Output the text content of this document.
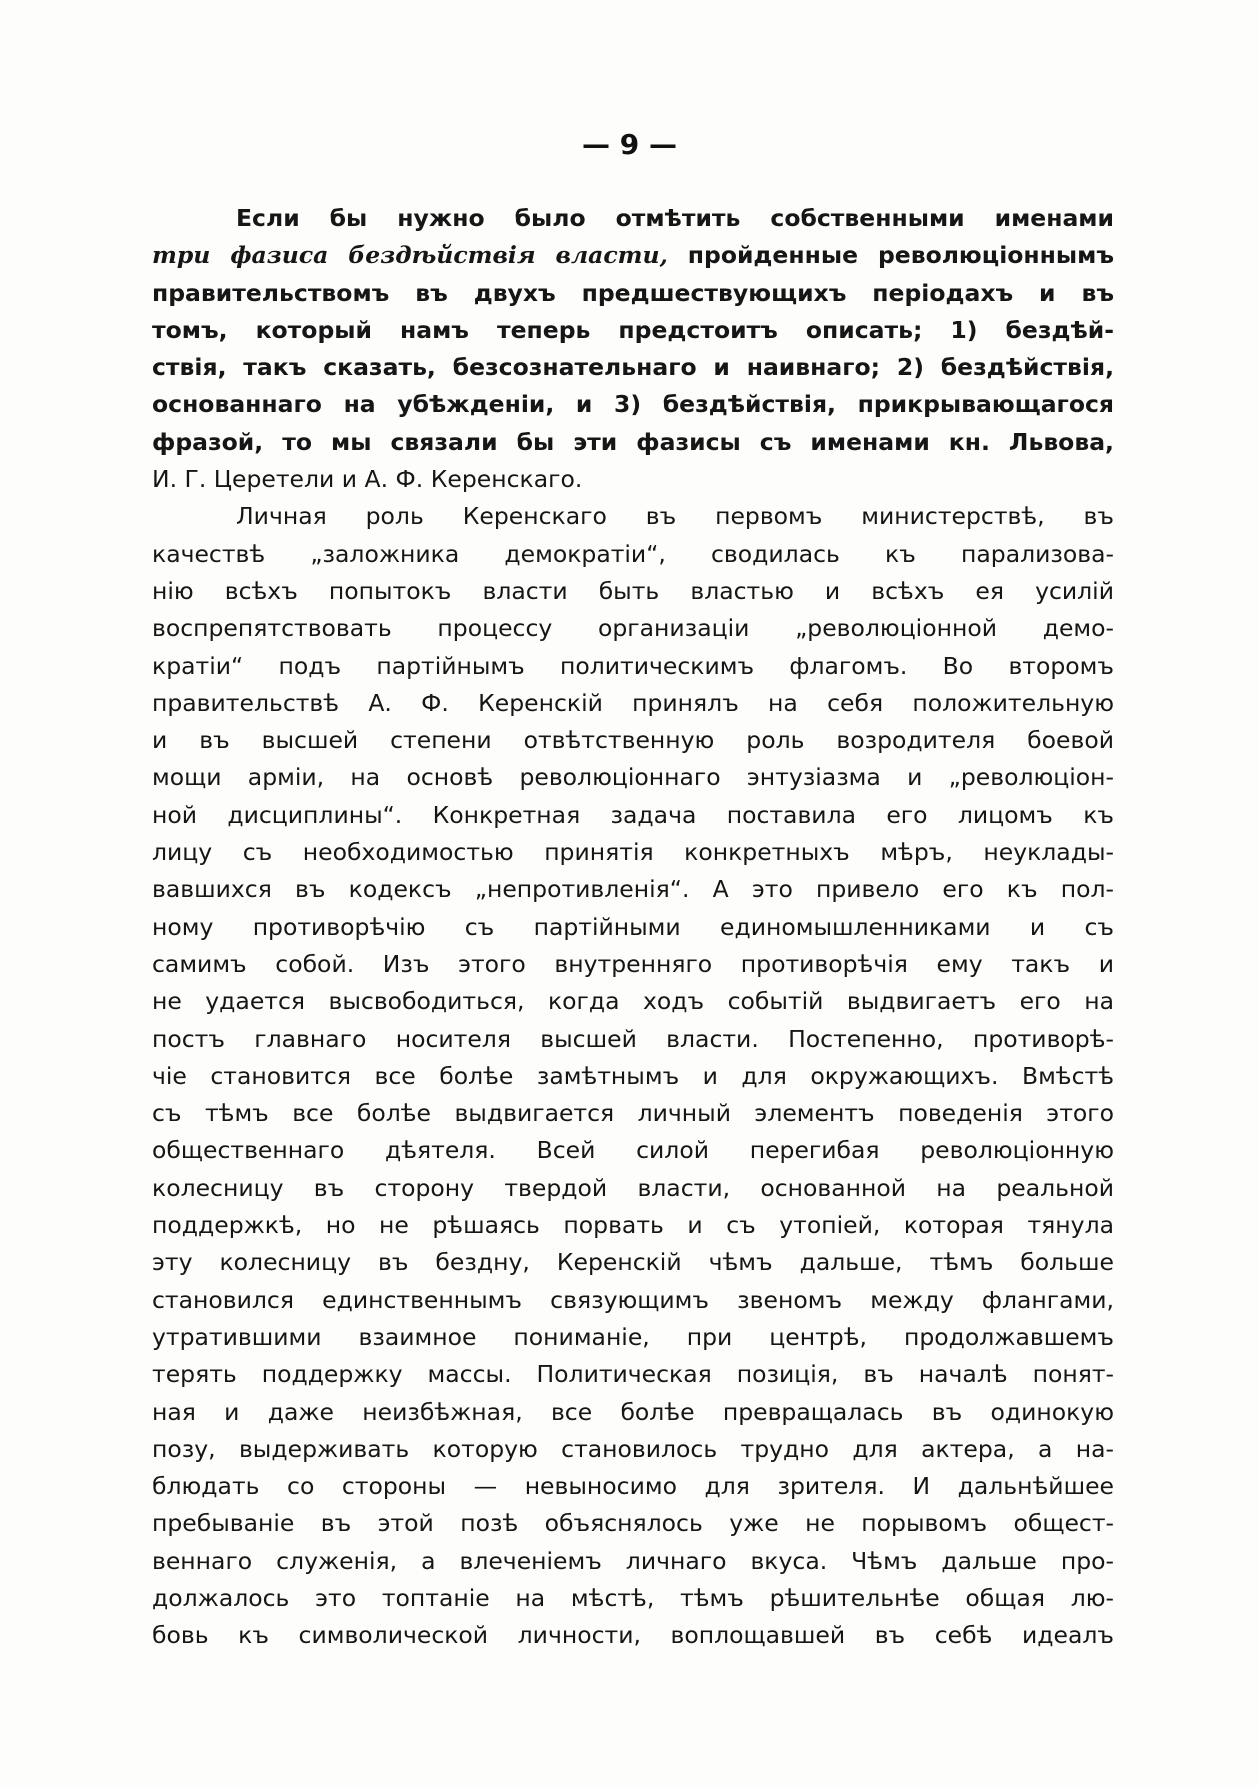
— 9 —
Если бы нужно было отмѣтить собственными именами
три фазиса бездѣйствія власти, пройденные революціоннымъ
правительствомъ въ двухъ предшествующихъ періодахъ и въ
томъ, который намъ теперь предстоитъ описать; 1) бездѣй-
ствія, такъ сказать, безсознательнаго и наивнаго; 2) бездѣйствія,
основаннаго на убѣжденіи, и 3) бездѣйствія, прикрывающагося
фразой, то мы связали бы эти фазисы съ именами кн. Львова,
И. Г. Церетели и А. Ф. Керенскаго.
Личная роль Керенскаго въ первомъ министерствѣ, въ
качествѣ „заложника демократіи“, сводилась къ парализова-
нію всѣхъ попытокъ власти быть властью и всѣхъ ея усилій
воспрепятствовать процессу организаціи „революціонной демо-
кратіи“ подъ партійнымъ политическимъ флагомъ. Во второмъ
правительствѣ А. Ф. Керенскій принялъ на себя положительную
и въ высшей степени отвѣтственную роль возродителя боевой
мощи арміи, на основѣ революціоннаго энтузіазма и „революціон-
ной дисциплины“. Конкретная задача поставила его лицомъ къ
лицу съ необходимостью принятія конкретныхъ мѣръ, неуклады-
вавшихся въ кодексъ „непротивленія“. А это привело его къ пол-
ному противорѣчію съ партійными единомышленниками и съ
самимъ собой. Изъ этого внутренняго противорѣчія ему такъ и
не удается высвободиться, когда ходъ событій выдвигаетъ его на
постъ главнаго носителя высшей власти. Постепенно, противорѣ-
чіе становится все болѣе замѣтнымъ и для окружающихъ. Вмѣстѣ
съ тѣмъ все болѣе выдвигается личный элементъ поведенія этого
общественнаго дѣятеля. Всей силой перегибая революціонную
колесницу въ сторону твердой власти, основанной на реальной
поддержкѣ, но не рѣшаясь порвать и съ утопіей, которая тянула
эту колесницу въ бездну, Керенскій чѣмъ дальше, тѣмъ больше
становился единственнымъ связующимъ звеномъ между флангами,
утратившими взаимное пониманіе, при центрѣ, продолжавшемъ
терять поддержку массы. Политическая позиція, въ началѣ понят-
ная и даже неизбѣжная, все болѣе превращалась въ одинокую
позу, выдерживать которую становилось трудно для актера, а на-
блюдать со стороны — невыносимо для зрителя. И дальнѣйшее
пребываніе въ этой позѣ объяснялось уже не порывомъ общест-
веннаго служенія, а влеченіемъ личнаго вкуса. Чѣмъ дальше про-
должалось это топтаніе на мѣстѣ, тѣмъ рѣшительнѣе общая лю-
бовь къ символической личности, воплощавшей въ себѣ идеалъ
